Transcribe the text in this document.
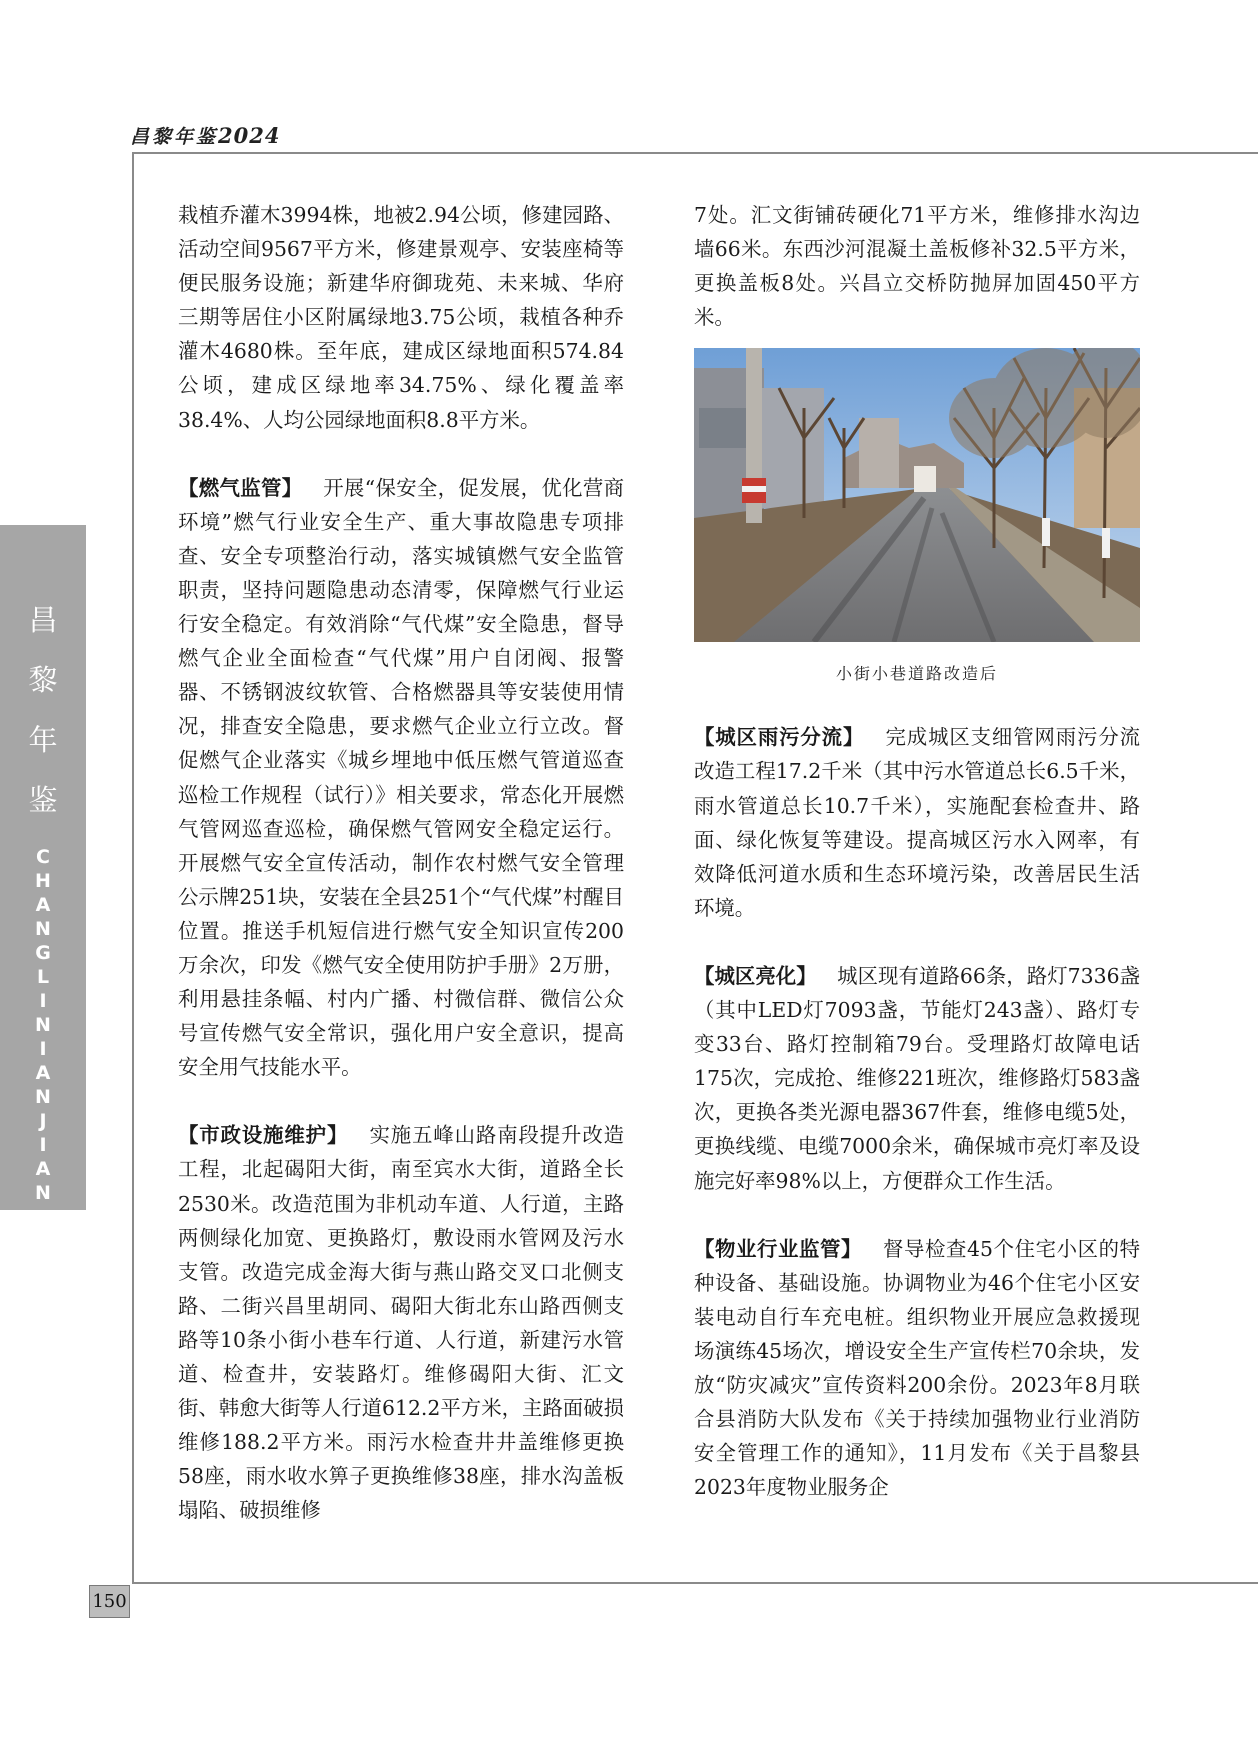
昌黎年鉴2024
昌
黎
年
鉴
C
H
A
N
G
L
I
N
I
A
N
J
I
A
N
150

栽植乔灌木3994株，地被2.94公顷，修建园路、活动空间9567平方米，修建景观亭、安装座椅等便民服务设施；新建华府御珑苑、未来城、华府三期等居住小区附属绿地3.75公顷，栽植各种乔灌木4680株。至年底，建成区绿地面积574.84公顷，建成区绿地率34.75%、绿化覆盖率38.4%、人均公园绿地面积8.8平方米。

【燃气监管】  开展“保安全，促发展，优化营商环境”燃气行业安全生产、重大事故隐患专项排查、安全专项整治行动，落实城镇燃气安全监管职责，坚持问题隐患动态清零，保障燃气行业运行安全稳定。有效消除“气代煤”安全隐患，督导燃气企业全面检查“气代煤”用户自闭阀、报警器、不锈钢波纹软管、合格燃器具等安装使用情况，排查安全隐患，要求燃气企业立行立改。督促燃气企业落实《城乡埋地中低压燃气管道巡查巡检工作规程（试行）》相关要求，常态化开展燃气管网巡查巡检，确保燃气管网安全稳定运行。开展燃气安全宣传活动，制作农村燃气安全管理公示牌251块，安装在全县251个“气代煤”村醒目位置。推送手机短信进行燃气安全知识宣传200万余次，印发《燃气安全使用防护手册》2万册，利用悬挂条幅、村内广播、村微信群、微信公众号宣传燃气安全常识，强化用户安全意识，提高安全用气技能水平。

【市政设施维护】  实施五峰山路南段提升改造工程，北起碣阳大街，南至宾水大街，道路全长2530米。改造范围为非机动车道、人行道，主路两侧绿化加宽、更换路灯，敷设雨水管网及污水支管。改造完成金海大街与燕山路交叉口北侧支路、二街兴昌里胡同、碣阳大街北东山路西侧支路等10条小街小巷车行道、人行道，新建污水管道、检查井，安装路灯。维修碣阳大街、汇文街、韩愈大街等人行道612.2平方米，主路面破损维修188.2平方米。雨污水检查井井盖维修更换58座，雨水收水箅子更换维修38座，排水沟盖板塌陷、破损维修

7处。汇文街铺砖硬化71平方米，维修排水沟边墙66米。东西沙河混凝土盖板修补32.5平方米，更换盖板8处。兴昌立交桥防抛屏加固450平方米。

小街小巷道路改造后

【城区雨污分流】  完成城区支细管网雨污分流改造工程17.2千米（其中污水管道总长6.5千米，雨水管道总长10.7千米），实施配套检查井、路面、绿化恢复等建设。提高城区污水入网率，有效降低河道水质和生态环境污染，改善居民生活环境。

【城区亮化】  城区现有道路66条，路灯7336盏（其中LED灯7093盏，节能灯243盏）、路灯专变33台、路灯控制箱79台。受理路灯故障电话175次，完成抢、维修221班次，维修路灯583盏次，更换各类光源电器367件套，维修电缆5处，更换线缆、电缆7000余米，确保城市亮灯率及设施完好率98%以上，方便群众工作生活。

【物业行业监管】  督导检查45个住宅小区的特种设备、基础设施。协调物业为46个住宅小区安装电动自行车充电桩。组织物业开展应急救援现场演练45场次，增设安全生产宣传栏70余块，发放“防灾减灾”宣传资料200余份。2023年8月联合县消防大队发布《关于持续加强物业行业消防安全管理工作的通知》，11月发布《关于昌黎县2023年度物业服务企
